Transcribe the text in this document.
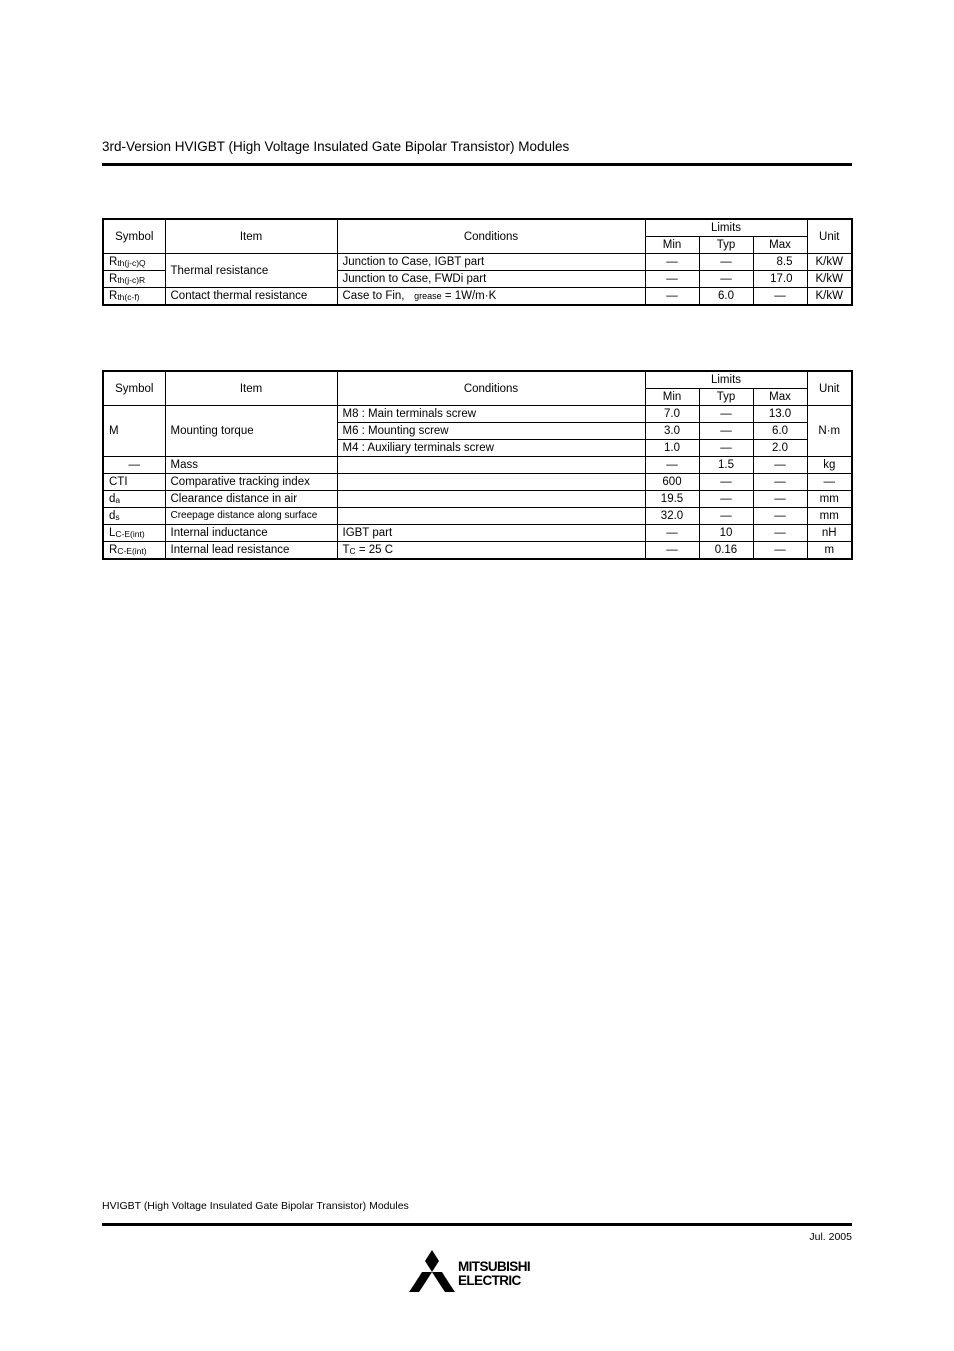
3rd-Version HVIGBT (High Voltage Insulated Gate Bipolar Transistor) Modules
Symbol	Item	Conditions	Limits			Unit
			Min	Typ	Max	
$R_{th(j-c)Q}$	Thermal resistance	Junction to Case, IGBT part	—	—	8.5	K/kW
$R_{th(j-c)R}$		Junction to Case, FWDi part	—	—	17.0	K/kW
$R_{th(c-f)}$	Contact thermal resistance	Case to Fin, grease = 1W/m·K	—	6.0	—	K/kW
Symbol	Item	Conditions	Limits			Unit
			Min	Typ	Max	
M	Mounting torque	M8 : Main terminals screw	7.0	—	13.0	N·m
		M6 : Mounting screw	3.0	—	6.0	
		M4 : Auxiliary terminals screw	1.0	—	2.0	
—	Mass		—	1.5	—	kg
CTI	Comparative tracking index		600	—	—	—
$d_a$	Clearance distance in air		19.5	—	—	mm
$d_s$	Creepage distance along surface		32.0	—	—	mm
$L_{C-E(int)}$	Internal inductance	IGBT part	—	10	—	nH
$R_{C-E(int)}$	Internal lead resistance	$T_C = 25$ C	—	0.16	—	m
HVIGBT (High Voltage Insulated Gate Bipolar Transistor) Modules
Jul. 2005
MITSUBISHI
ELECTRIC
